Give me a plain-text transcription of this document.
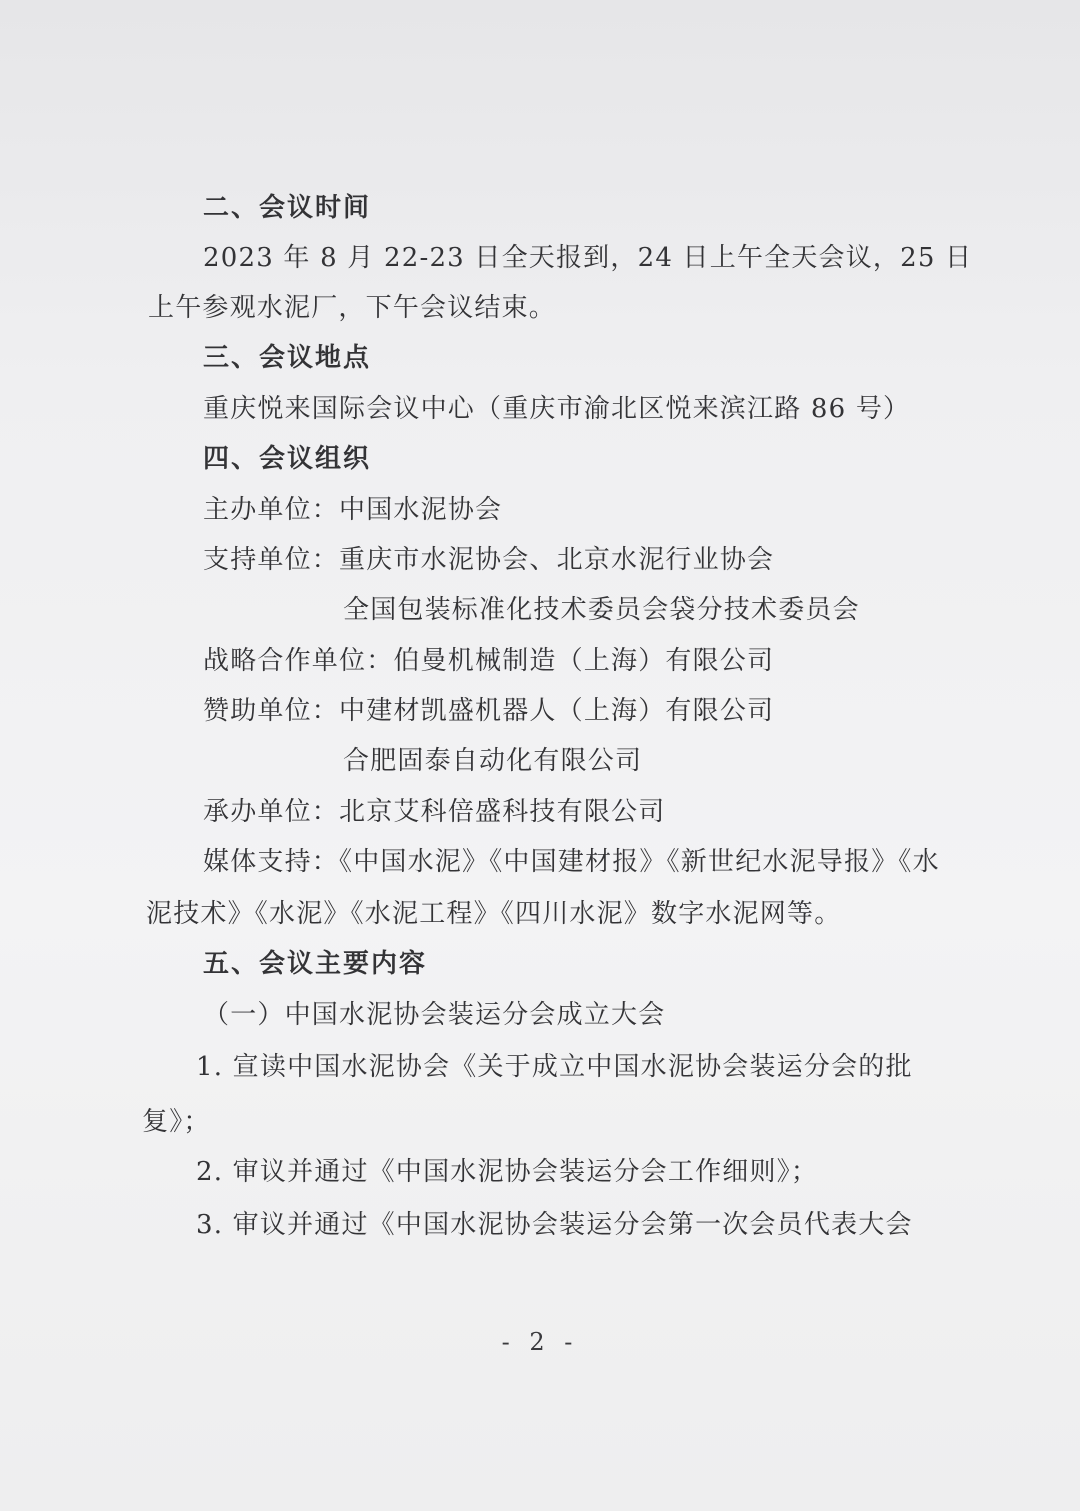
二、会议时间
2023 年 8 月 22-23 日全天报到，24 日上午全天会议，25 日
上午参观水泥厂，下午会议结束。
三、会议地点
重庆悦来国际会议中心（重庆市渝北区悦来滨江路 86 号）
四、会议组织
主办单位：中国水泥协会
支持单位：重庆市水泥协会、北京水泥行业协会
全国包装标准化技术委员会袋分技术委员会
战略合作单位：伯曼机械制造（上海）有限公司
赞助单位：中建材凯盛机器人（上海）有限公司
合肥固泰自动化有限公司
承办单位：北京艾科倍盛科技有限公司
媒体支持：《中国水泥》《中国建材报》《新世纪水泥导报》《水
泥技术》《水泥》《水泥工程》《四川水泥》数字水泥网等。
五、会议主要内容
（一）中国水泥协会装运分会成立大会
1. 宣读中国水泥协会《关于成立中国水泥协会装运分会的批
复》；
2. 审议并通过《中国水泥协会装运分会工作细则》；
3. 审议并通过《中国水泥协会装运分会第一次会员代表大会
- 2 -
